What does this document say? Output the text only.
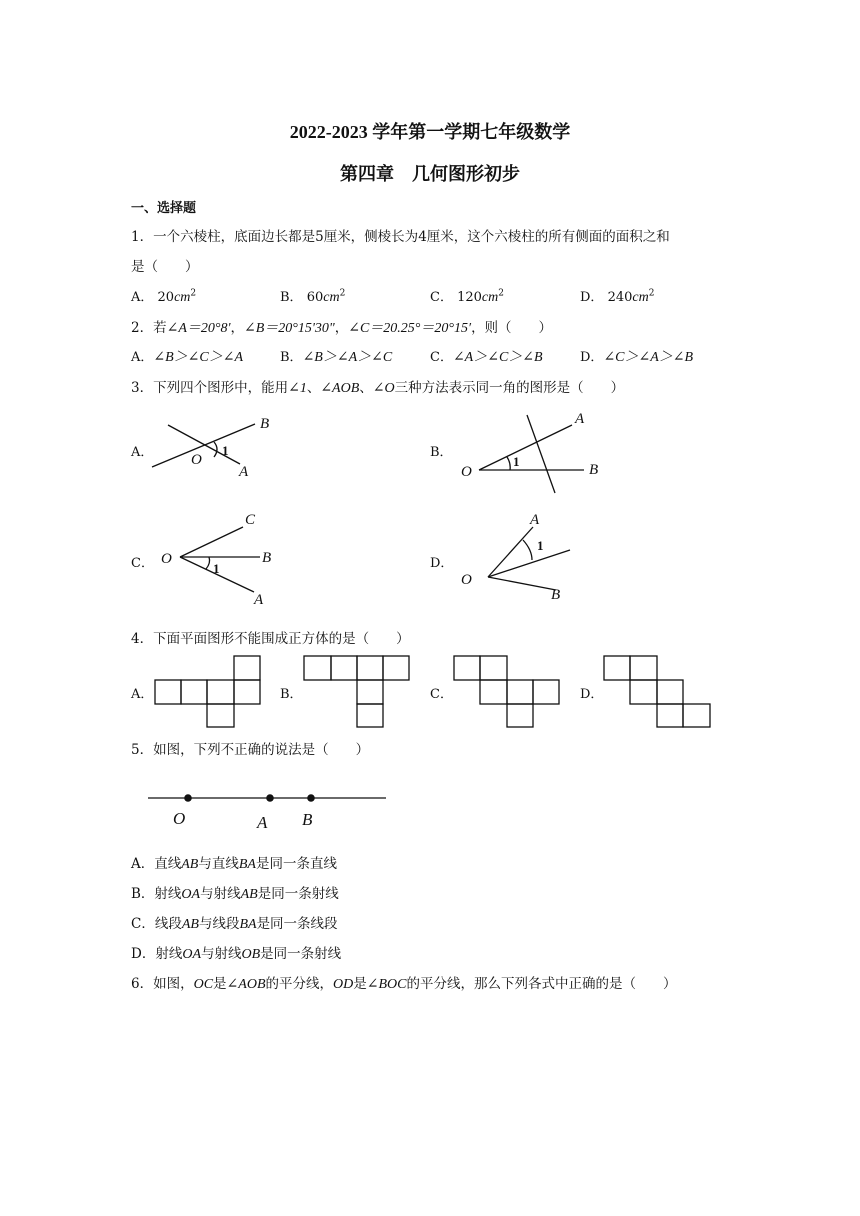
2022-2023 学年第一学期七年级数学
第四章　几何图形初步
一、选择题
1．一个六棱柱，底面边长都是5厘米，侧棱长为4厘米，这个六棱柱的所有侧面的面积之和
是（　　）
A． $20cm^2$	B． $60cm^2$	C． $120cm^2$	D． $240cm^2$
2．若∠A＝20°8'，∠B＝20°15'30"，∠C＝20.25°＝20°15′，则（　　）
A．∠B＞∠C＞∠A	B．∠B＞∠A＞∠C	C．∠A＞∠C＞∠B	D．∠C＞∠A＞∠B
3．下列四个图形中，能用∠1、∠AOB、∠O三种方法表示同一角的图形是（　　）
A．	B．
C．	D．
B
O
1
A
A
O
1
B
C
O	B
1
A
A
1
O
B
4．下面平面图形不能围成正方体的是（　　）
A．	B．	C．	D．
5．如图，下列不正确的说法是（　　）
O	A B
A．直线AB与直线BA是同一条直线
B．射线OA与射线AB是同一条射线
C．线段AB与线段BA是同一条线段
D．射线OA与射线OB是同一条射线
6．如图，OC是∠AOB的平分线，OD是∠BOC的平分线，那么下列各式中正确的是（　　）
